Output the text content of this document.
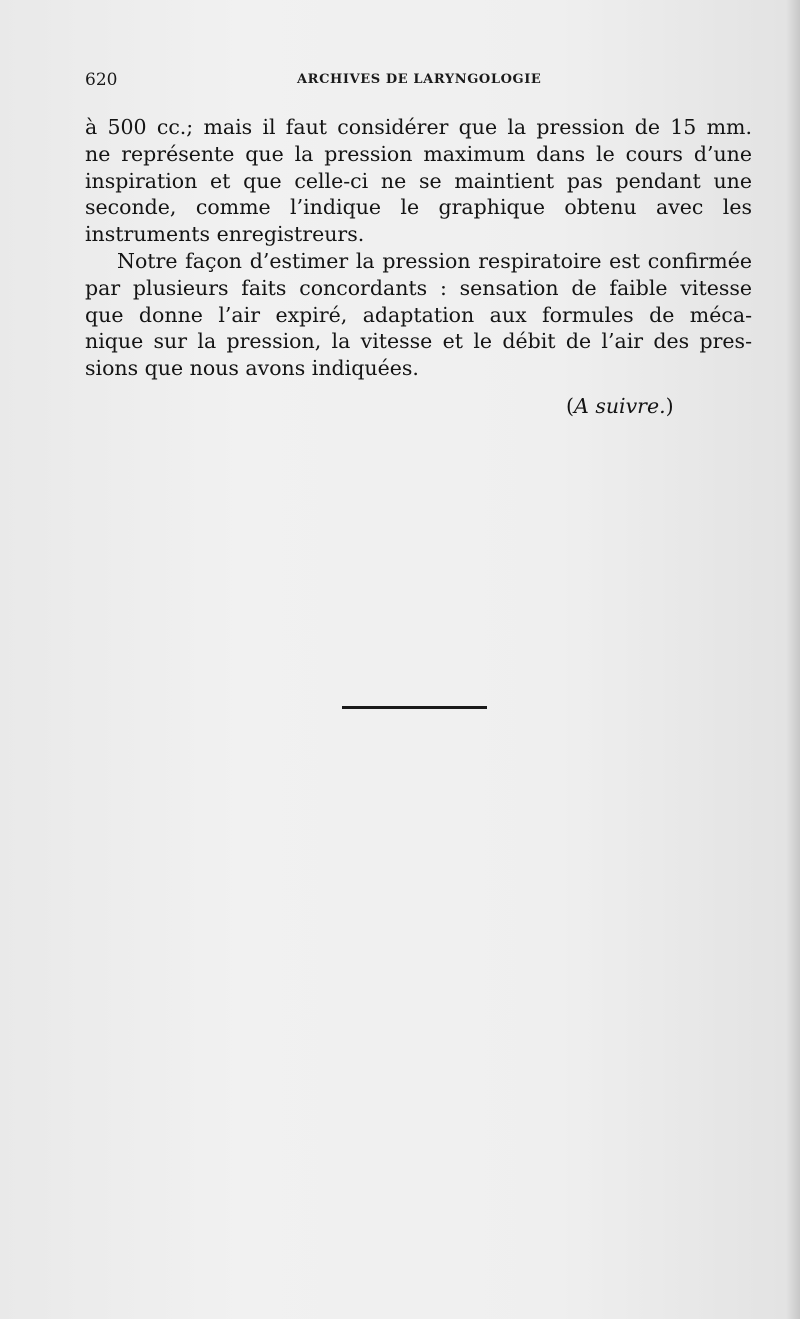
620	ARCHIVES DE LARYNGOLOGIE

à 500 cc.; mais il faut considérer que la pression de 15 mm.
ne représente que la pression maximum dans le cours d’une
inspiration et que celle-ci ne se maintient pas pendant une
seconde, comme l’indique le graphique obtenu avec les
instruments enregistreurs.

Notre façon d’estimer la pression respiratoire est confirmée
par plusieurs faits concordants : sensation de faible vitesse
que donne l’air expiré, adaptation aux formules de méca-
nique sur la pression, la vitesse et le débit de l’air des pres-
sions que nous avons indiquées.

(A suivre.)
